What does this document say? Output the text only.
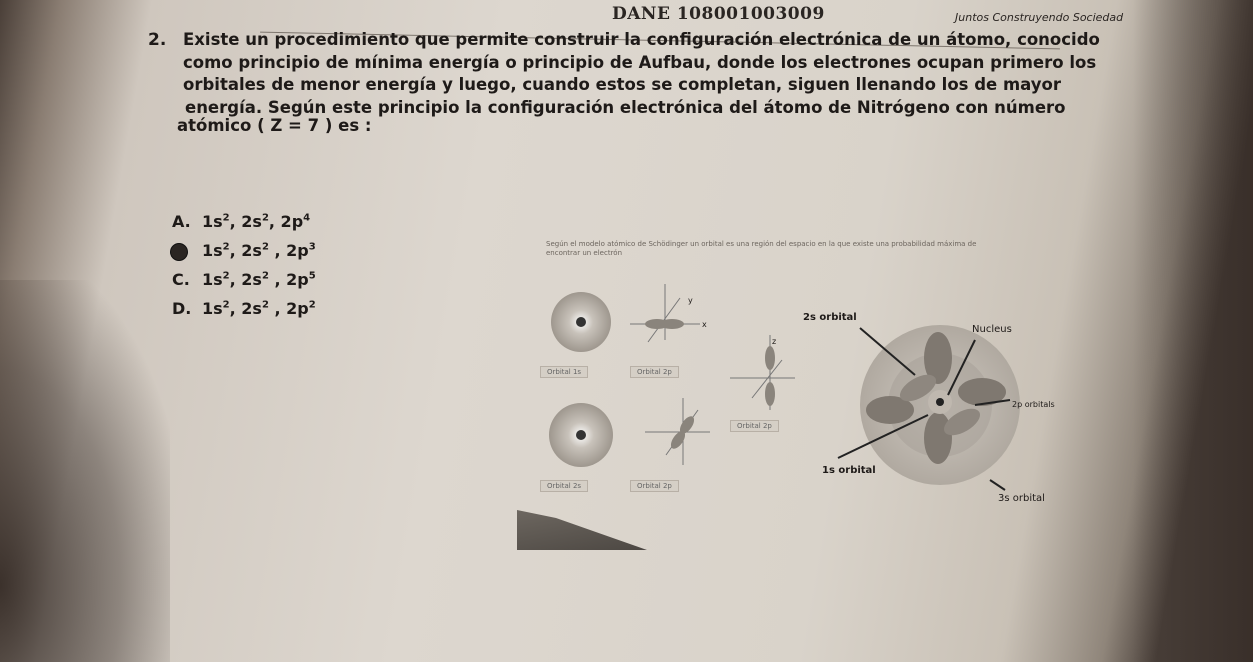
DANE 108001003009	Juntos Construyendo Sociedad
2. Existe un procedimiento que permite construir la configuración electrónica de un átomo, conocido
como principio de mínima energía o principio de Aufbau, donde los electrones ocupan primero los
orbitales de menor energía y luego, cuando estos se completan, siguen llenando los de mayor
energía. Según este principio la configuración electrónica del átomo de Nitrógeno con número
atómico ( Z = 7 ) es :
A. $1s^2$, $2s^2$, $2p^4$
$1s^2$, $2s^2$ , $2p^3$
C. $1s^2$, $2s^2$ , $2p^5$
D. $1s^2$, $2s^2$ , $2p^2$
Según el modelo atómico de Schödinger un orbital es una región del espacio en la que existe una probabilidad máxima de encontrar un electrón
x
y
z
Orbital 1s	Orbital 2p
Orbital 2p
Orbital 2s	Orbital 2p
2s orbital
Nucleus
2p orbitals
1s orbital
3s orbital
